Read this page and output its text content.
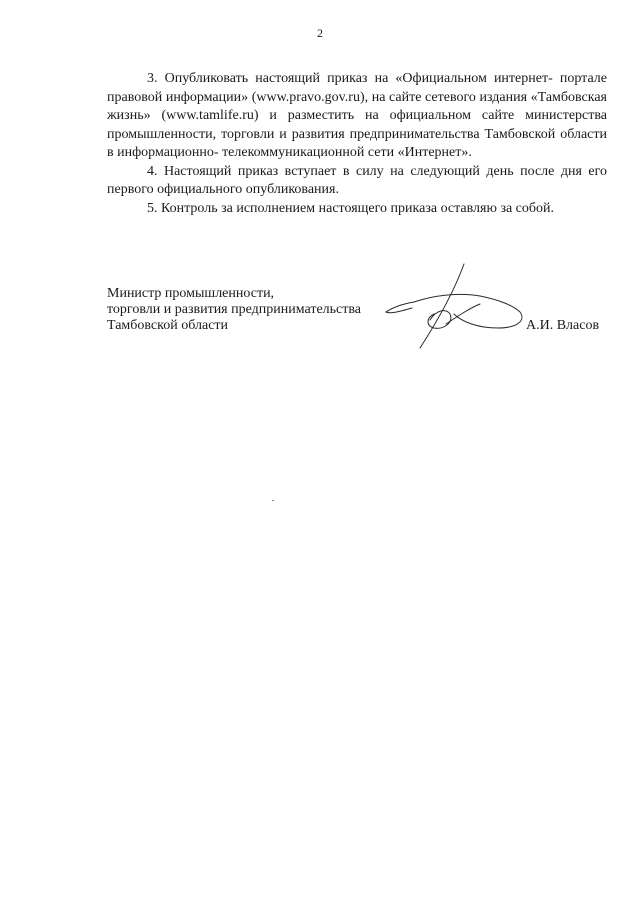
2

3. Опубликовать настоящий приказ на «Официальном интернет- портале правовой информации» (www.pravo.gov.ru), на сайте сетевого издания «Тамбовская жизнь» (www.tamlife.ru) и разместить на официальном сайте министерства промышленности, торговли и развития предпринимательства Тамбовской области в информационно- телекоммуникационной сети «Интернет».

4. Настоящий приказ вступает в силу на следующий день после дня его первого официального опубликования.

5. Контроль за исполнением настоящего приказа оставляю за собой.

Министр промышленности,
торговли и развития предпринимательства
Тамбовской области	А.И. Власов
